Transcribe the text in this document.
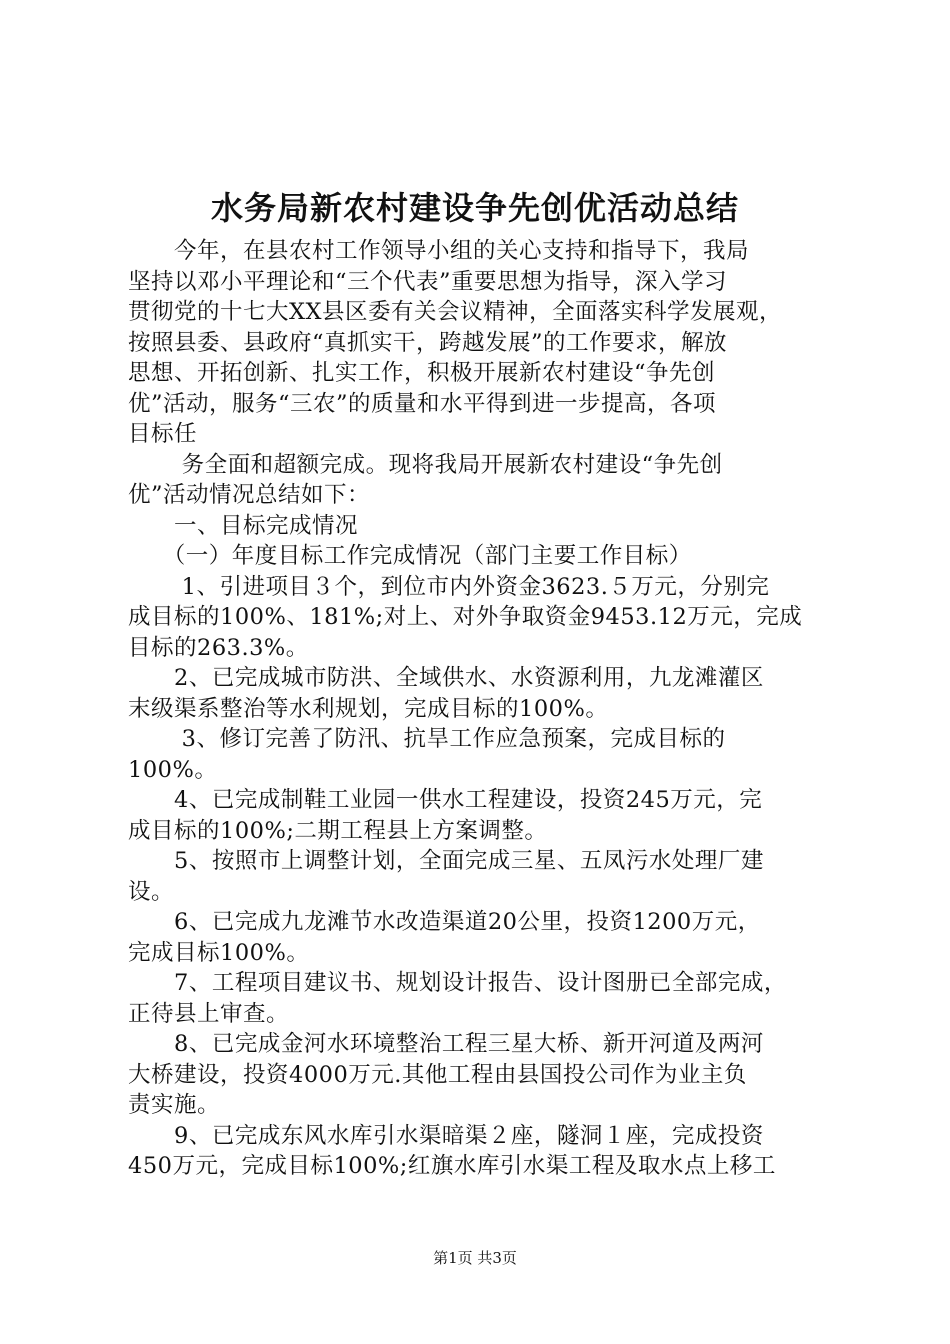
水务局新农村建设争先创优活动总结
　　今年，在县农村工作领导小组的关心支持和指导下，我局
坚持以邓小平理论和“三个代表”重要思想为指导，深入学习
贯彻党的十七大XX县区委有关会议精神，全面落实科学发展观，
按照县委、县政府“真抓实干，跨越发展”的工作要求，解放
思想、开拓创新、扎实工作，积极开展新农村建设“争先创
优”活动，服务“三农”的质量和水平得到进一步提高，各项
目标任
　　 务全面和超额完成。现将我局开展新农村建设“争先创
优”活动情况总结如下：
　　一、目标完成情况
　　（一）年度目标工作完成情况（部门主要工作目标）
　　 1、引进项目３个，到位市内外资金3623.５万元，分别完
成目标的100%、181%;对上、对外争取资金9453.12万元，完成
目标的263.3%。
　　2、已完成城市防洪、全域供水、水资源利用，九龙滩灌区
末级渠系整治等水利规划，完成目标的100%。
　　 3、修订完善了防汛、抗旱工作应急预案，完成目标的
100%。
　　4、已完成制鞋工业园一供水工程建设，投资245万元，完
成目标的100%;二期工程县上方案调整。
　　5、按照市上调整计划，全面完成三星、五凤污水处理厂建
设。
　　6、已完成九龙滩节水改造渠道20公里，投资1200万元，
完成目标100%。
　　7、工程项目建议书、规划设计报告、设计图册已全部完成，
正待县上审查。
　　8、已完成金河水环境整治工程三星大桥、新开河道及两河
大桥建设，投资4000万元.其他工程由县国投公司作为业主负
责实施。
　　9、已完成东风水库引水渠暗渠２座，隧洞１座，完成投资
450万元，完成目标100%;红旗水库引水渠工程及取水点上移工
第1页 共3页
